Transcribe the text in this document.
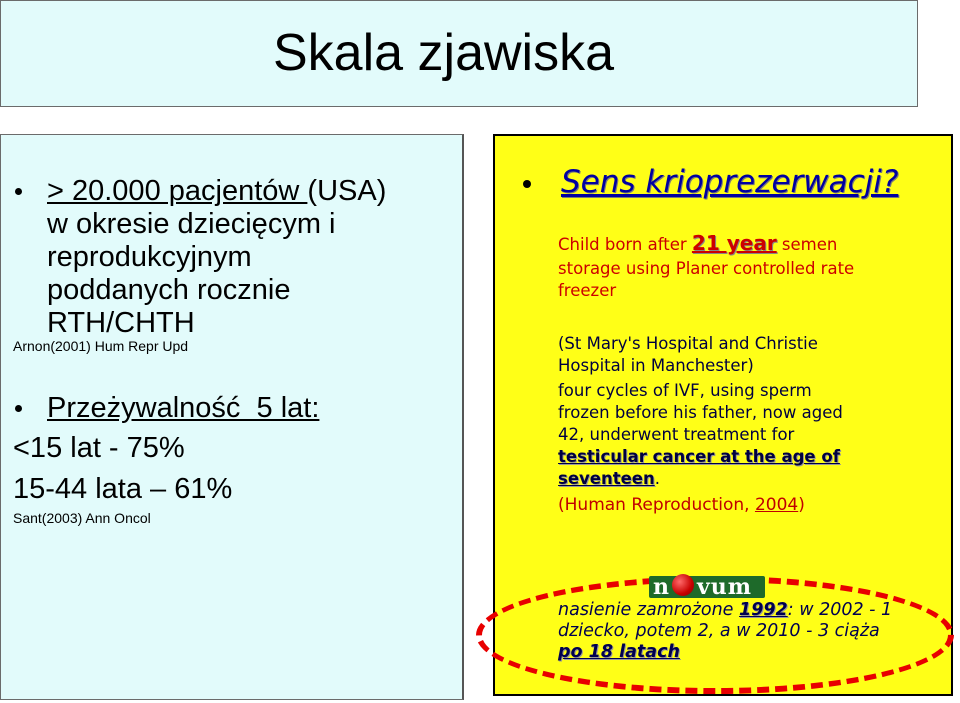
Skala zjawiska
> 20.000 pacjentów (USA)
w okresie dziecięcym i
reprodukcyjnym
poddanych rocznie
RTH/CHTH
Arnon(2001) Hum Repr Upd
Przeżywalność  5 lat:
<15 lat - 75%
15-44 lata – 61%
Sant(2003) Ann Oncol
Sens krioprezerwacji?
Child born after 21 year semen
storage using Planer controlled rate
freezer
(St Mary's Hospital and Christie
Hospital in Manchester)
four cycles of IVF, using sperm
frozen before his father, now aged
42, underwent treatment for
testicular cancer at the age of
seventeen.
(Human Reproduction, 2004)
n vum
nasienie zamrożone 1992: w 2002 - 1
dziecko, potem 2, a w 2010 - 3 ciąża
po 18 latach
